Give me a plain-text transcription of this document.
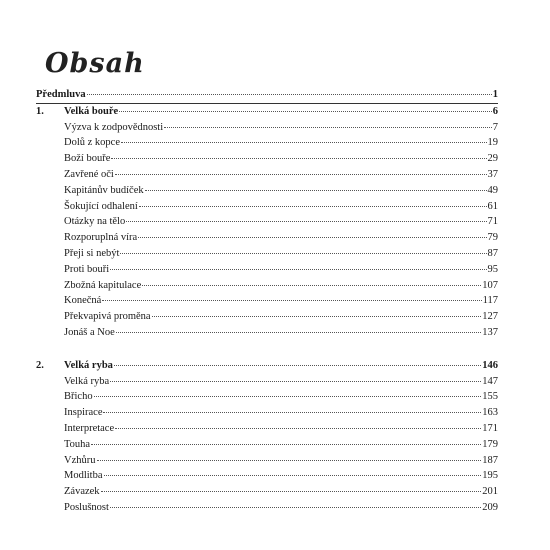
Obsah
Předmluva	1
1.	Velká bouře	6
Výzva k zodpovědnosti	7
Dolů z kopce	19
Boží bouře	29
Zavřené oči	37
Kapitánův budíček	49
Šokující odhalení	61
Otázky na tělo	71
Rozporuplná víra	79
Přeji si nebýt	87
Proti bouři	95
Zbožná kapitulace	107
Konečná	117
Překvapivá proměna	127
Jonáš a Noe	137
2.	Velká ryba	146
Velká ryba	147
Břicho	155
Inspirace	163
Interpretace	171
Touha	179
Vzhůru	187
Modlitba	195
Závazek	201
Poslušnost	209
